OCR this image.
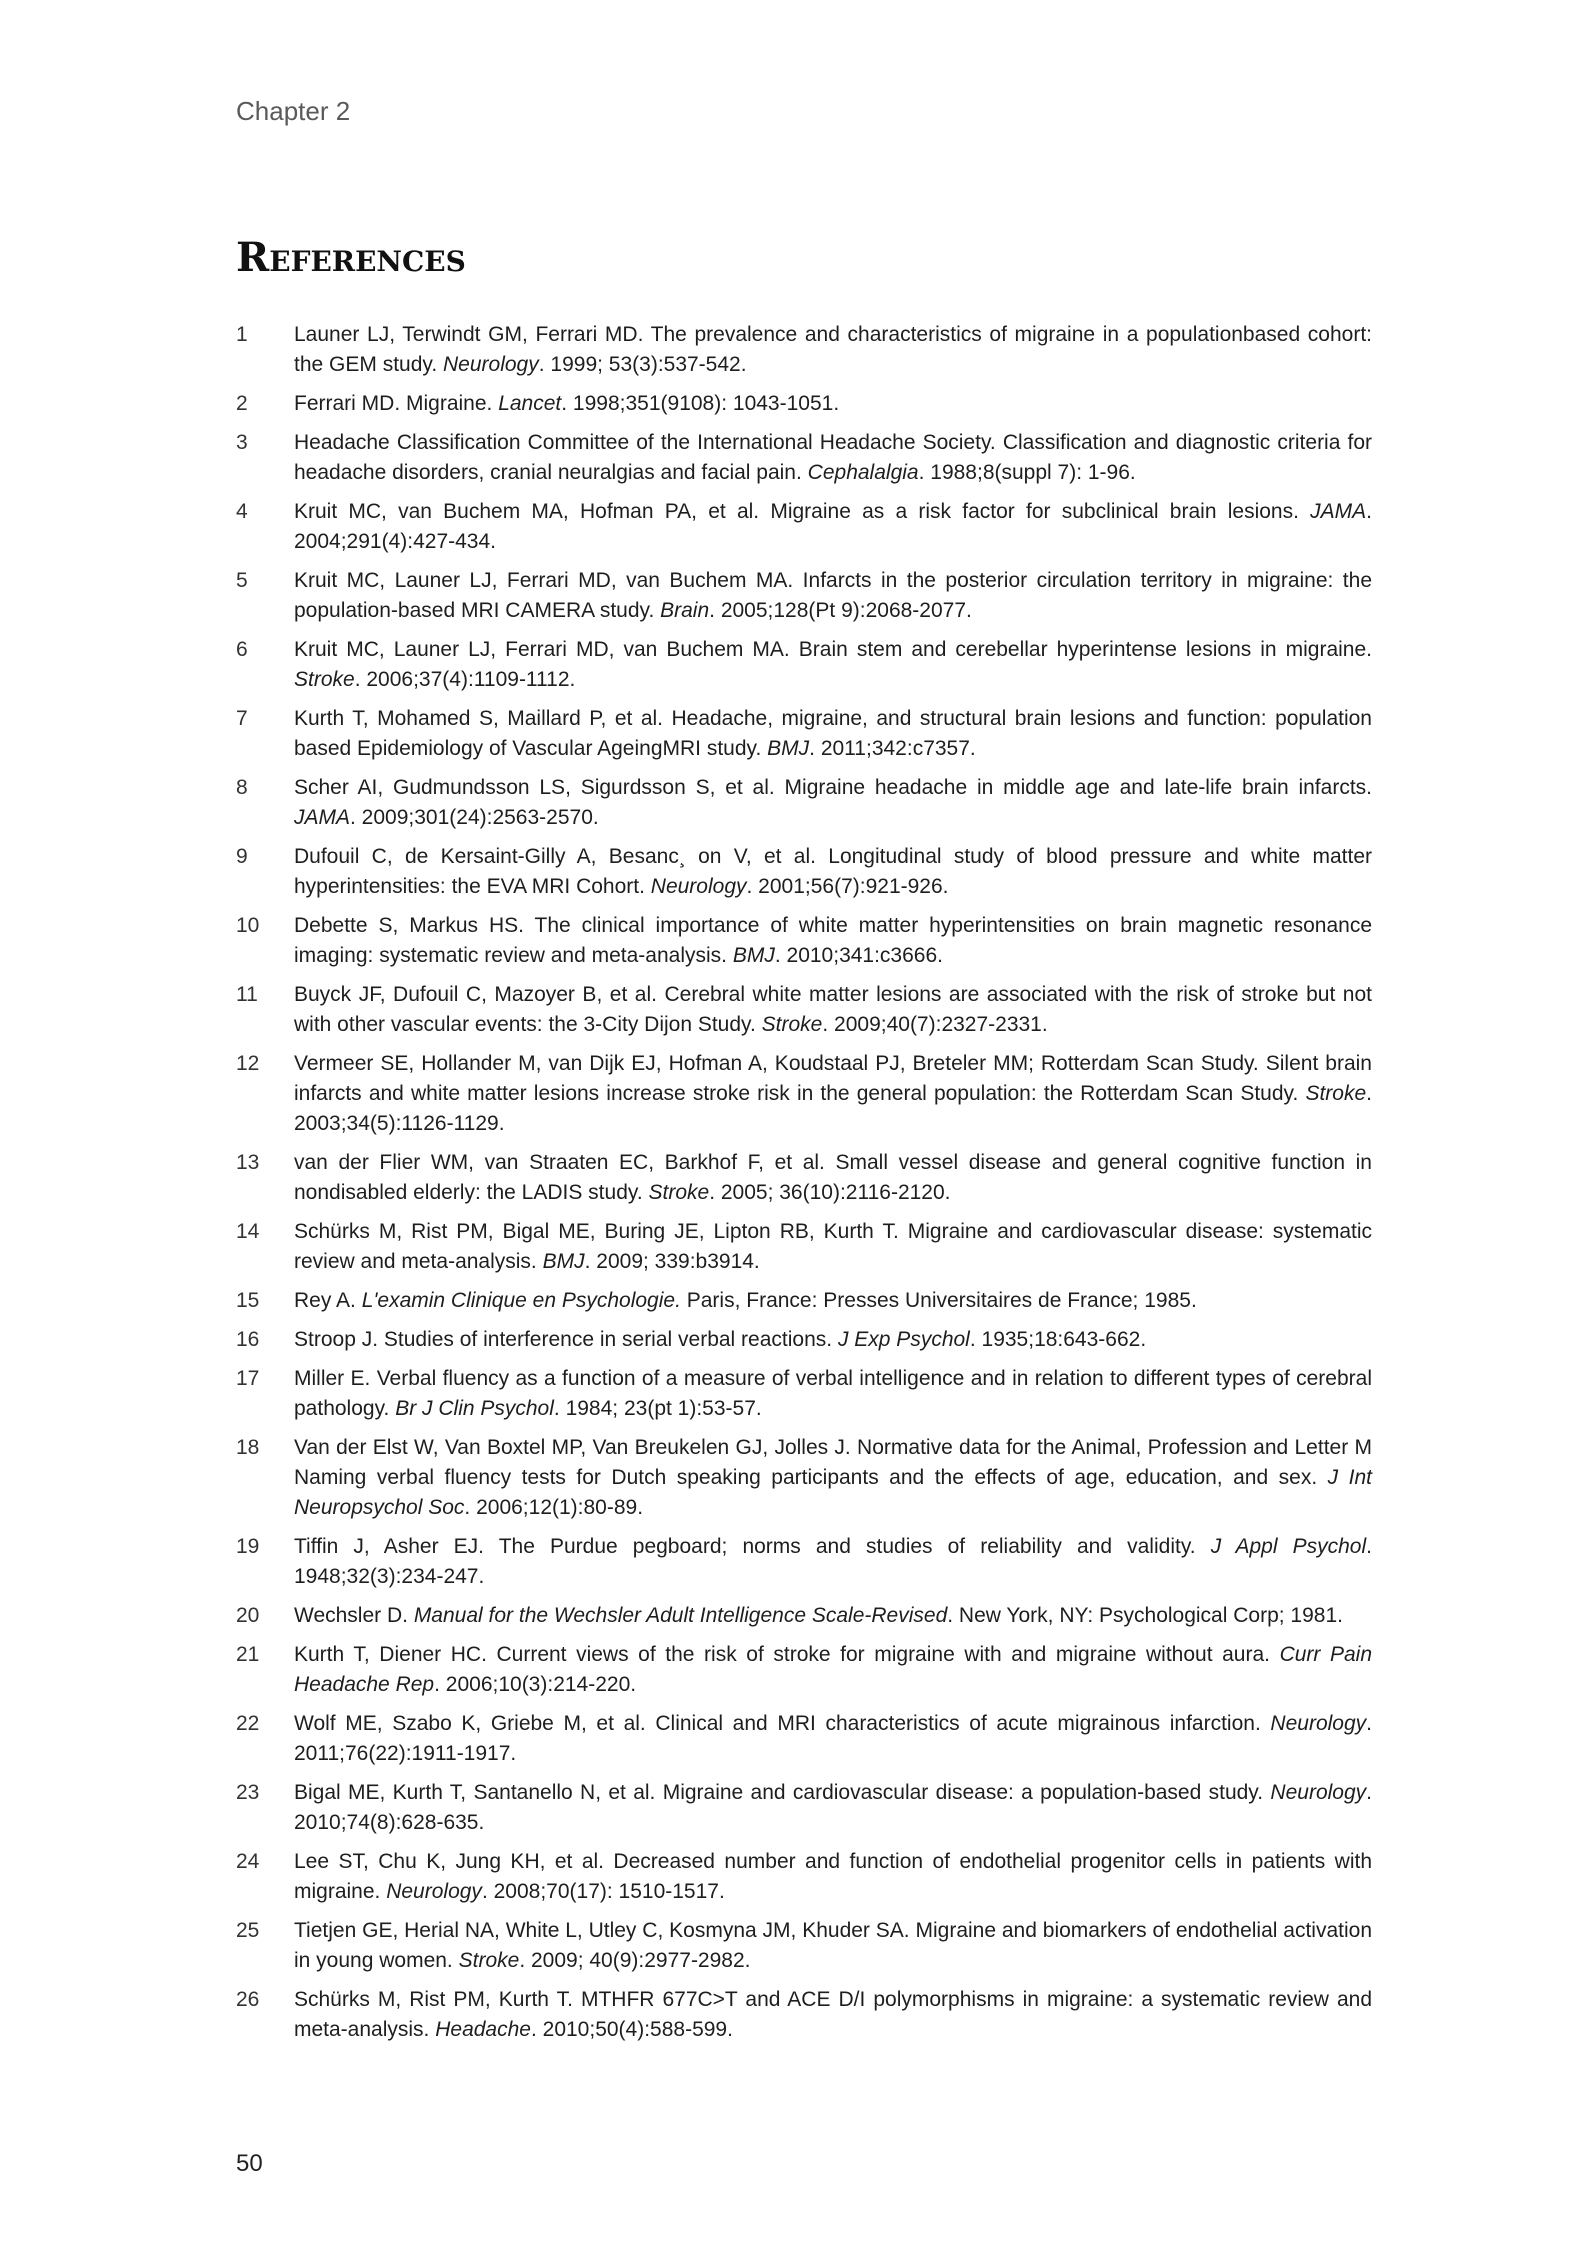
Chapter 2
References
1	Launer LJ, Terwindt GM, Ferrari MD. The prevalence and characteristics of migraine in a populationbased cohort: the GEM study. Neurology. 1999; 53(3):537-542.
2	Ferrari MD. Migraine. Lancet. 1998;351(9108): 1043-1051.
3	Headache Classification Committee of the International Headache Society. Classification and diagnostic criteria for headache disorders, cranial neuralgias and facial pain. Cephalalgia. 1988;8(suppl 7): 1-96.
4	Kruit MC, van Buchem MA, Hofman PA, et al. Migraine as a risk factor for subclinical brain lesions. JAMA. 2004;291(4):427-434.
5	Kruit MC, Launer LJ, Ferrari MD, van Buchem MA. Infarcts in the posterior circulation territory in migraine: the population-based MRI CAMERA study. Brain. 2005;128(Pt 9):2068-2077.
6	Kruit MC, Launer LJ, Ferrari MD, van Buchem MA. Brain stem and cerebellar hyperintense lesions in migraine. Stroke. 2006;37(4):1109-1112.
7	Kurth T, Mohamed S, Maillard P, et al. Headache, migraine, and structural brain lesions and function: population based Epidemiology of Vascular AgeingMRI study. BMJ. 2011;342:c7357.
8	Scher AI, Gudmundsson LS, Sigurdsson S, et al. Migraine headache in middle age and late-life brain infarcts. JAMA. 2009;301(24):2563-2570.
9	Dufouil C, de Kersaint-Gilly A, Besanc¸ on V, et al. Longitudinal study of blood pressure and white matter hyperintensities: the EVA MRI Cohort. Neurology. 2001;56(7):921-926.
10	Debette S, Markus HS. The clinical importance of white matter hyperintensities on brain magnetic resonance imaging: systematic review and meta-analysis. BMJ. 2010;341:c3666.
11	Buyck JF, Dufouil C, Mazoyer B, et al. Cerebral white matter lesions are associated with the risk of stroke but not with other vascular events: the 3-City Dijon Study. Stroke. 2009;40(7):2327-2331.
12	Vermeer SE, Hollander M, van Dijk EJ, Hofman A, Koudstaal PJ, Breteler MM; Rotterdam Scan Study. Silent brain infarcts and white matter lesions increase stroke risk in the general population: the Rotterdam Scan Study. Stroke. 2003;34(5):1126-1129.
13	van der Flier WM, van Straaten EC, Barkhof F, et al. Small vessel disease and general cognitive function in nondisabled elderly: the LADIS study. Stroke. 2005; 36(10):2116-2120.
14	Schürks M, Rist PM, Bigal ME, Buring JE, Lipton RB, Kurth T. Migraine and cardiovascular disease: systematic review and meta-analysis. BMJ. 2009; 339:b3914.
15	Rey A. L'examin Clinique en Psychologie. Paris, France: Presses Universitaires de France; 1985.
16	Stroop J. Studies of interference in serial verbal reactions. J Exp Psychol. 1935;18:643-662.
17	Miller E. Verbal fluency as a function of a measure of verbal intelligence and in relation to different types of cerebral pathology. Br J Clin Psychol. 1984; 23(pt 1):53-57.
18	Van der Elst W, Van Boxtel MP, Van Breukelen GJ, Jolles J. Normative data for the Animal, Profession and Letter M Naming verbal fluency tests for Dutch speaking participants and the effects of age, education, and sex. J Int Neuropsychol Soc. 2006;12(1):80-89.
19	Tiffin J, Asher EJ. The Purdue pegboard; norms and studies of reliability and validity. J Appl Psychol. 1948;32(3):234-247.
20	Wechsler D. Manual for the Wechsler Adult Intelligence Scale-Revised. New York, NY: Psychological Corp; 1981.
21	Kurth T, Diener HC. Current views of the risk of stroke for migraine with and migraine without aura. Curr Pain Headache Rep. 2006;10(3):214-220.
22	Wolf ME, Szabo K, Griebe M, et al. Clinical and MRI characteristics of acute migrainous infarction. Neurology. 2011;76(22):1911-1917.
23	Bigal ME, Kurth T, Santanello N, et al. Migraine and cardiovascular disease: a population-based study. Neurology. 2010;74(8):628-635.
24	Lee ST, Chu K, Jung KH, et al. Decreased number and function of endothelial progenitor cells in patients with migraine. Neurology. 2008;70(17): 1510-1517.
25	Tietjen GE, Herial NA, White L, Utley C, Kosmyna JM, Khuder SA. Migraine and biomarkers of endothelial activation in young women. Stroke. 2009; 40(9):2977-2982.
26	Schürks M, Rist PM, Kurth T. MTHFR 677C>T and ACE D/I polymorphisms in migraine: a systematic review and meta-analysis. Headache. 2010;50(4):588-599.
50
